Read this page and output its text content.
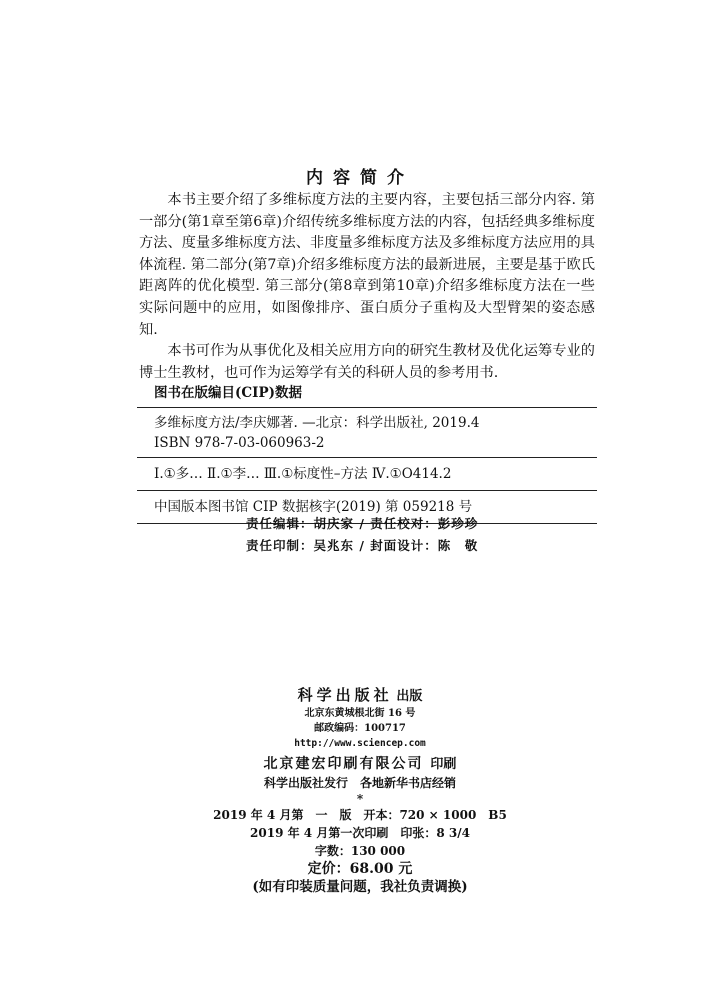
内容简介

本书主要介绍了多维标度方法的主要内容，主要包括三部分内容. 第一部分(第1章至第6章)介绍传统多维标度方法的内容，包括经典多维标度方法、度量多维标度方法、非度量多维标度方法及多维标度方法应用的具体流程. 第二部分(第7章)介绍多维标度方法的最新进展，主要是基于欧氏距离阵的优化模型. 第三部分(第8章到第10章)介绍多维标度方法在一些实际问题中的应用，如图像排序、蛋白质分子重构及大型臂架的姿态感知.

本书可作为从事优化及相关应用方向的研究生教材及优化运筹专业的博士生教材，也可作为运筹学有关的科研人员的参考用书.

图书在版编目(CIP)数据
多维标度方法/李庆娜著. —北京：科学出版社, 2019.4
ISBN 978-7-03-060963-2
Ⅰ.①多… Ⅱ.①李… Ⅲ.①标度性–方法 Ⅳ.①O414.2
中国版本图书馆 CIP 数据核字(2019) 第 059218 号
责任编辑：胡庆家 / 责任校对：彭珍珍
责任印制：吴兆东 / 封面设计：陈　敬
科学出版社 出版
北京东黄城根北街 16 号
邮政编码：100717
http://www.sciencep.com
北京建宏印刷有限公司 印刷
科学出版社发行　各地新华书店经销
*
2019 年 4 月第　一　版　开本：720 × 1000　B5
2019 年 4 月第一次印刷　印张：8 3/4
字数：130 000
定价：68.00 元
(如有印装质量问题，我社负责调换)
